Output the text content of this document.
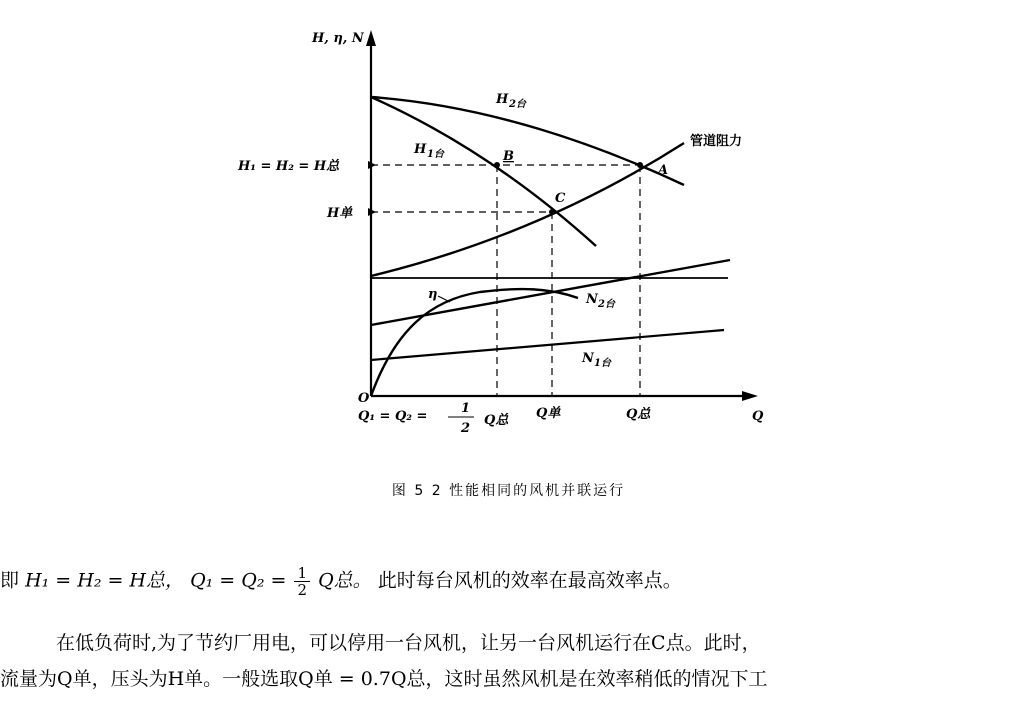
H, η, N
Q
O
H 2台
H 1台
管道阻力
N 2台
N 1台
η
A
B
C
H₁ = H₂ = H总
H单
Q₁ = Q₂ =
1
2
Q总 Q单	Q总
图 5 2 性能相同的风机并联运行
即 H₁ = H₂ = H总， $Q_1 = Q_2 = \frac{1}{2}$ Q总。 此时每台风机的效率在最高效率点。
在低负荷时,为了节约厂用电，可以停用一台风机，让另一台风机运行在C点。此时，
流量为Q单，压头为H单。一般选取Q单 = 0.7Q总，这时虽然风机是在效率稍低的情况下工
